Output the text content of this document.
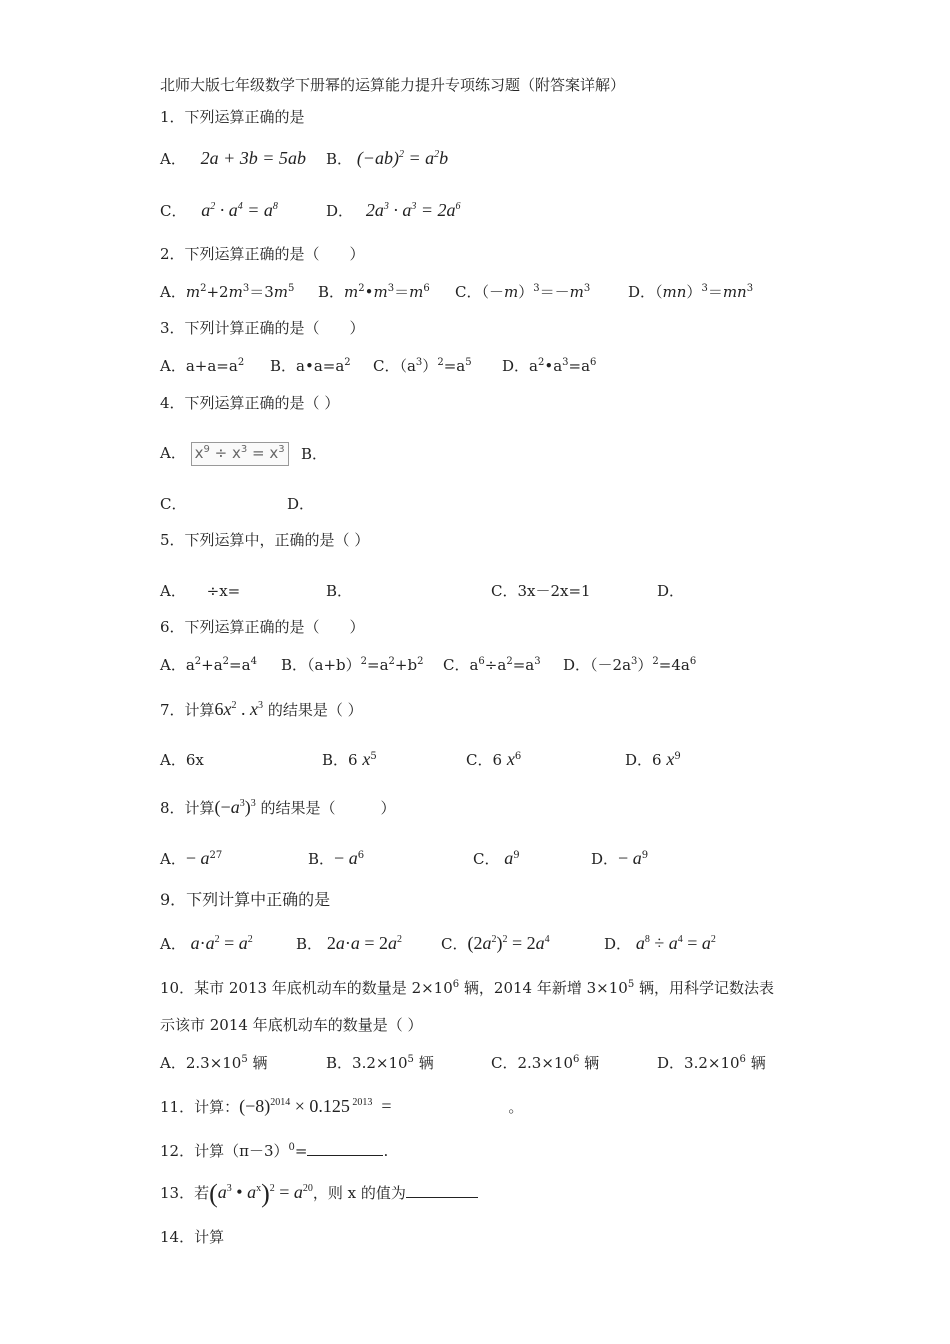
北师大版七年级数学下册幂的运算能力提升专项练习题（附答案详解）
1．下列运算正确的是
A． 2a + 3b = 5ab B． $(-ab)^2 = a^2b$
C． $a^2 \cdot a^4 = a^8$	D． $2a^3 \cdot a^3 = 2a^6$
2．下列运算正确的是（　　）
A．$m^2+2m^3=3m^5$ B．$m^2•m^3=m^6$ C．$(-m)^3=-m^3$	D．$(mn)^3=mn^3$
3．下列计算正确的是（　　）
A．$a+a=a^2$ B．$a•a=a^2$ C．$(a^3)^2=a^5$ D．$a^2•a^3=a^6$
4．下列运算正确的是（ ）
A． $x^9 \div x^3 = x^3$ B．
C．	D．
5．下列运算中，正确的是（ ）
A． ÷x=	B．	C．3x－2x=1	D．
6．下列运算正确的是（　　）
A．$a^2+a^2=a^4$ B．$(a+b)^2=a^2+b^2$ C．$a^6\div a^2=a^3$ D．$(-2a^3)^2=4a^6$
7．计算$6x^2$ . $x^3$ 的结果是（ ）
A．6x	B．6 $x^5$	C．6 $x^6$	D．6 $x^9$
8．计算$(-a^3)^3$ 的结果是（　　　）
A．− $a^{27}$	B．− $a^6$	C． $a^9$	D．− $a^9$
9．下列计算中正确的是
A． $a\cdot a^2 = a^2$	B． $2a\cdot a = 2a^2$	C．$(2a^2)^2 = 2a^4$	D． $a^8 \div a^4 = a^2$
10．某市 2013 年底机动车的数量是 $2\times 10^6$ 辆，2014 年新增 $3\times 10^5$ 辆，用科学记数法表
示该市 2014 年底机动车的数量是（ ）
A．$2.3\times 10^5$ 辆	B．$3.2\times 10^5$ 辆	C．$2.3\times 10^6$ 辆	D．$3.2\times 10^6$ 辆
11．计算：$(-8)^{2014} \times 0.125$ $^{2013}$  =	。
12．计算$(\pi-3)^0=$	.
13．若($a^3$ • $a^x)^2 = a^{20}$，则 x 的值为
14．计算
